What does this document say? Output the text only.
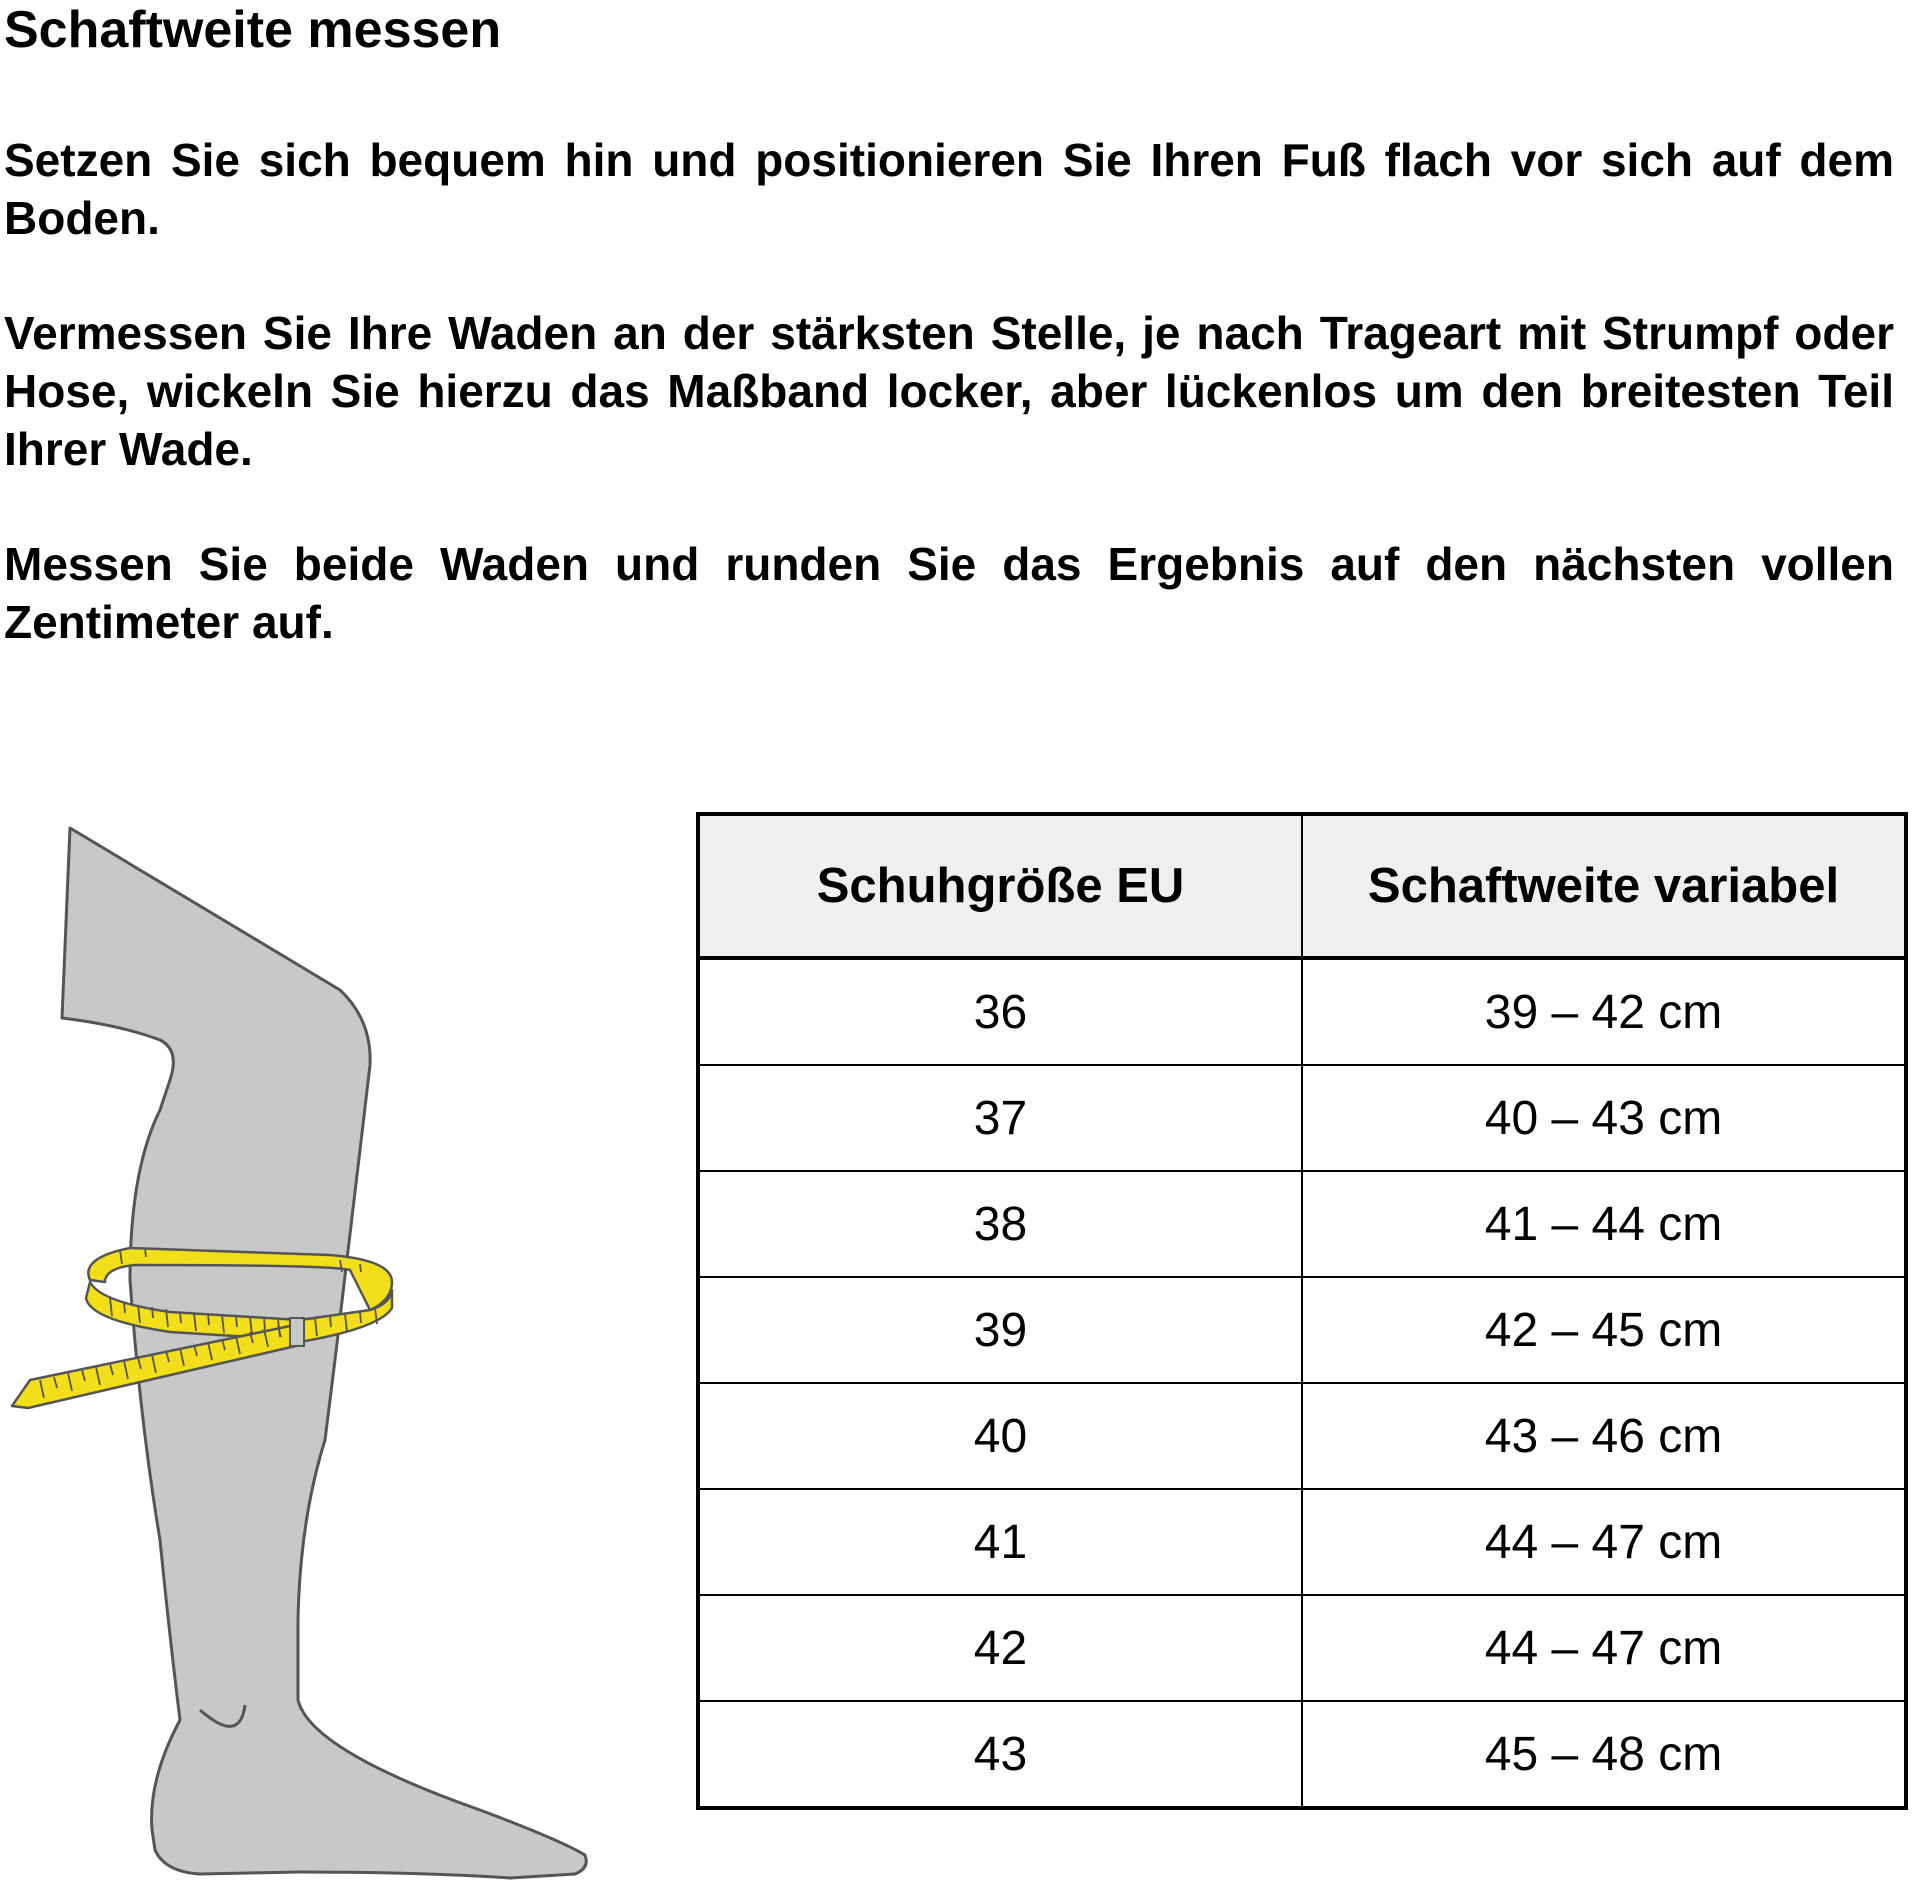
Schaftweite messen

Setzen Sie sich bequem hin und positionieren Sie Ihren Fuß flach vor sich auf dem Boden.

Vermessen Sie Ihre Waden an der stärksten Stelle, je nach Trageart mit Strumpf oder Hose, wickeln Sie hierzu das Maßband locker, aber lückenlos um den breitesten Teil Ihrer Wade.

Messen Sie beide Waden und runden Sie das Ergebnis auf den nächsten vollen Zentimeter auf.

Schuhgröße EU	Schaftweite variabel
36	39 – 42 cm
37	40 – 43 cm
38	41 – 44 cm
39	42 – 45 cm
40	43 – 46 cm
41	44 – 47 cm
42	44 – 47 cm
43	45 – 48 cm
